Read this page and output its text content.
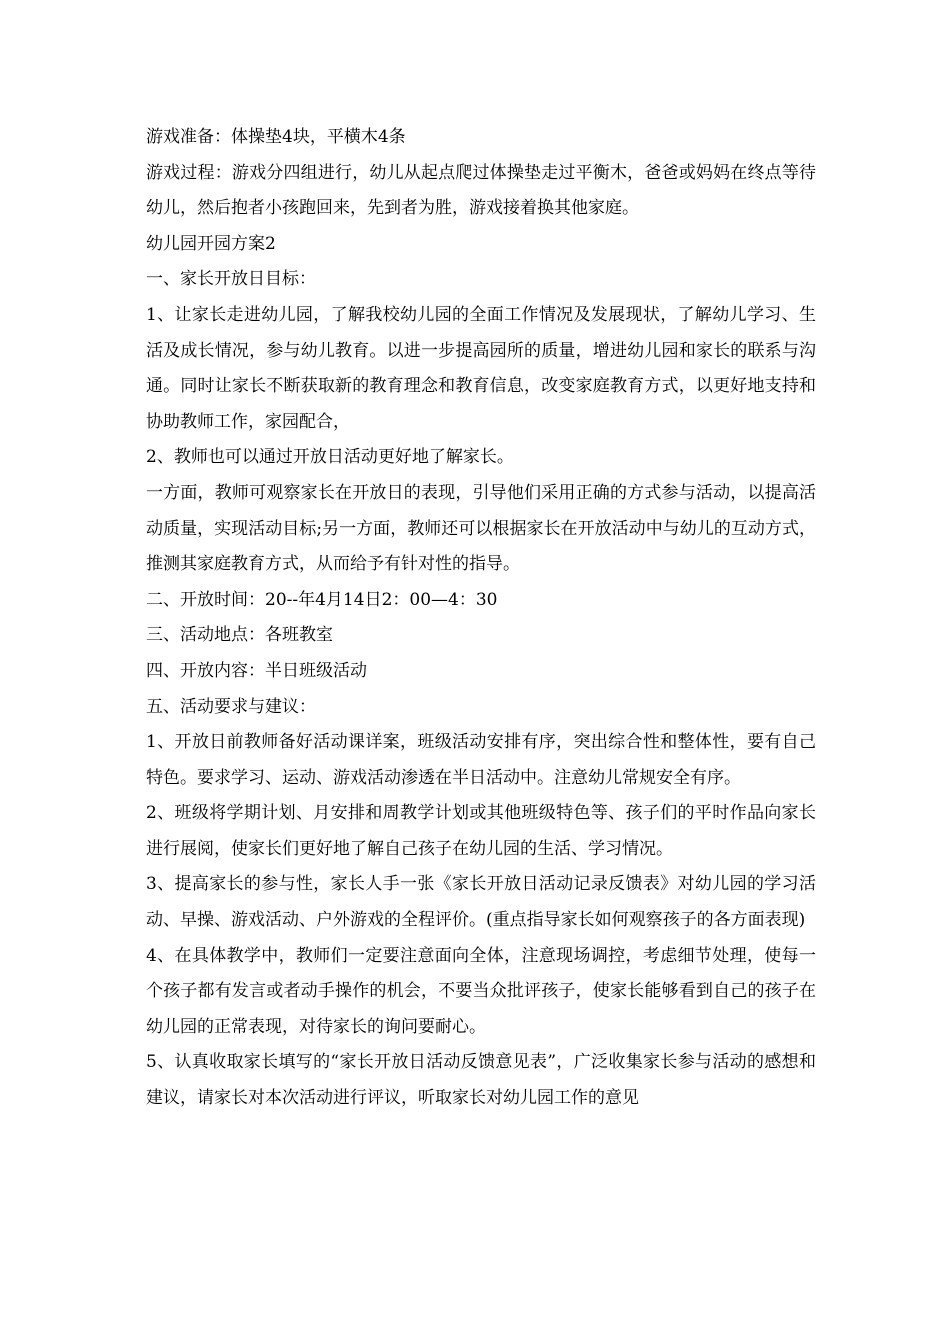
游戏准备：体操垫4块，平横木4条

游戏过程：游戏分四组进行，幼儿从起点爬过体操垫走过平衡木，爸爸或妈妈在终点等待幼儿，然后抱者小孩跑回来，先到者为胜，游戏接着换其他家庭。

幼儿园开园方案2

一、家长开放日目标：

1、让家长走进幼儿园，了解我校幼儿园的全面工作情况及发展现状，了解幼儿学习、生活及成长情况，参与幼儿教育。以进一步提高园所的质量，增进幼儿园和家长的联系与沟通。同时让家长不断获取新的教育理念和教育信息，改变家庭教育方式，以更好地支持和协助教师工作，家园配合，

2、教师也可以通过开放日活动更好地了解家长。

一方面，教师可观察家长在开放日的表现，引导他们采用正确的方式参与活动，以提高活动质量，实现活动目标;另一方面，教师还可以根据家长在开放活动中与幼儿的互动方式，推测其家庭教育方式，从而给予有针对性的指导。

二、开放时间：20--年4月14日2：00—4：30

三、活动地点：各班教室

四、开放内容：半日班级活动

五、活动要求与建议：

1、开放日前教师备好活动课详案，班级活动安排有序，突出综合性和整体性，要有自己特色。要求学习、运动、游戏活动渗透在半日活动中。注意幼儿常规安全有序。

2、班级将学期计划、月安排和周教学计划或其他班级特色等、孩子们的平时作品向家长进行展阅，使家长们更好地了解自己孩子在幼儿园的生活、学习情况。

3、提高家长的参与性，家长人手一张《家长开放日活动记录反馈表》对幼儿园的学习活动、早操、游戏活动、户外游戏的全程评价。(重点指导家长如何观察孩子的各方面表现)

4、在具体教学中，教师们一定要注意面向全体，注意现场调控，考虑细节处理，使每一个孩子都有发言或者动手操作的机会，不要当众批评孩子，使家长能够看到自己的孩子在幼儿园的正常表现，对待家长的询问要耐心。

5、认真收取家长填写的“家长开放日活动反馈意见表”，广泛收集家长参与活动的感想和建议，请家长对本次活动进行评议，听取家长对幼儿园工作的意见
